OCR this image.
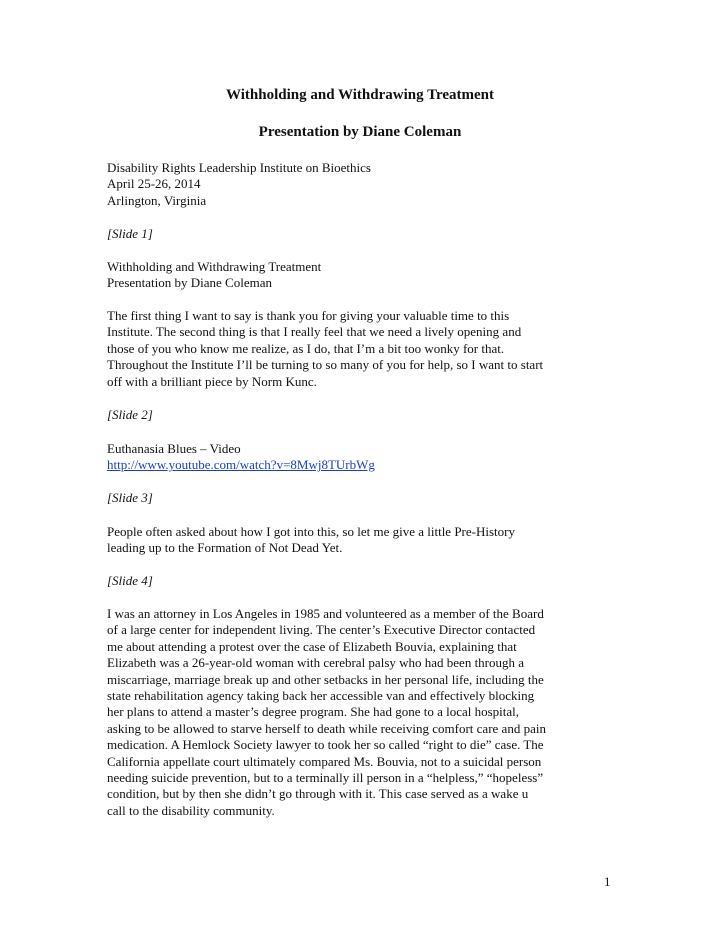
Withholding and Withdrawing Treatment
Presentation by Diane Coleman
Disability Rights Leadership Institute on Bioethics
April 25-26, 2014
Arlington, Virginia
[Slide 1]
Withholding and Withdrawing Treatment
Presentation by Diane Coleman
The first thing I want to say is thank you for giving your valuable time to this
Institute. The second thing is that I really feel that we need a lively opening and
those of you who know me realize, as I do, that I’m a bit too wonky for that.
Throughout the Institute I’ll be turning to so many of you for help, so I want to start
off with a brilliant piece by Norm Kunc.
[Slide 2]
Euthanasia Blues – Video
http://www.youtube.com/watch?v=8Mwj8TUrbWg
[Slide 3]
People often asked about how I got into this, so let me give a little Pre-History
leading up to the Formation of Not Dead Yet.
[Slide 4]
I was an attorney in Los Angeles in 1985 and volunteered as a member of the Board
of a large center for independent living. The center’s Executive Director contacted
me about attending a protest over the case of Elizabeth Bouvia, explaining that
Elizabeth was a 26-year-old woman with cerebral palsy who had been through a
miscarriage, marriage break up and other setbacks in her personal life, including the
state rehabilitation agency taking back her accessible van and effectively blocking
her plans to attend a master’s degree program. She had gone to a local hospital,
asking to be allowed to starve herself to death while receiving comfort care and pain
medication. A Hemlock Society lawyer to took her so called “right to die” case. The
California appellate court ultimately compared Ms. Bouvia, not to a suicidal person
needing suicide prevention, but to a terminally ill person in a “helpless,” “hopeless”
condition, but by then she didn’t go through with it. This case served as a wake u
call to the disability community.
1
